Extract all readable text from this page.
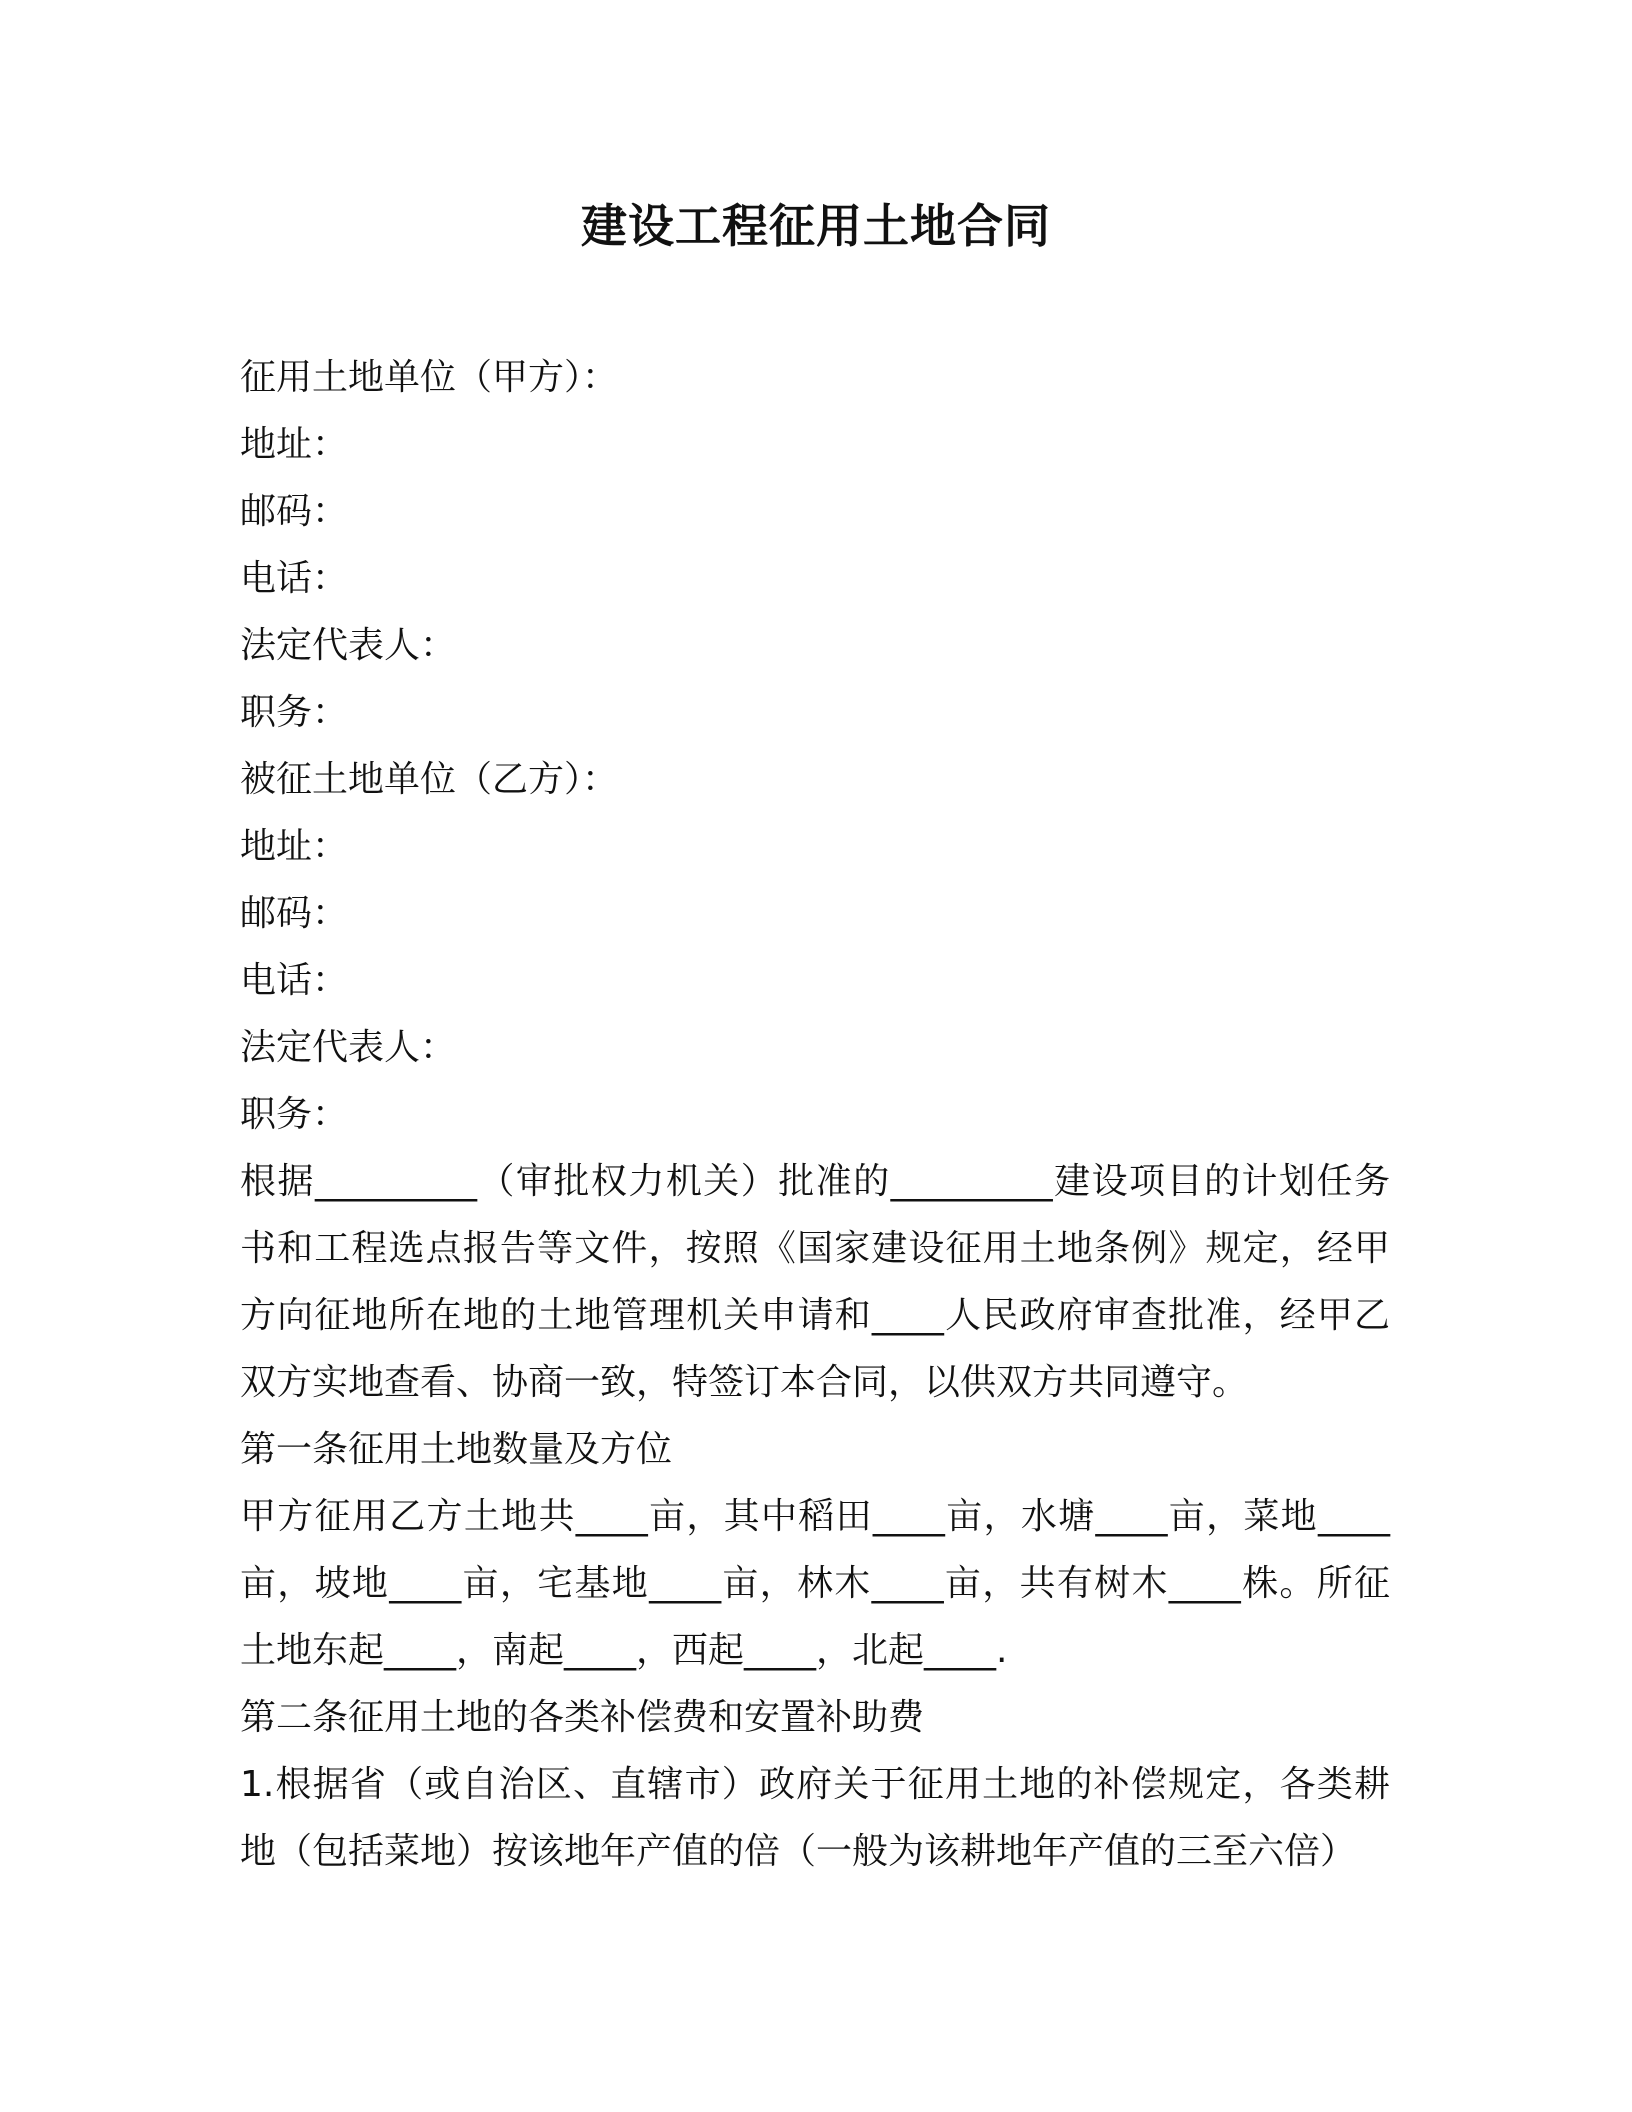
建设工程征用土地合同
征用土地单位（甲方）：
地址：
邮码：
电话：
法定代表人：
职务：
被征土地单位（乙方）：
地址：
邮码：
电话：
法定代表人：
职务：
根据_________（审批权力机关）批准的_________建设项目的计划任务书和工程选点报告等文件，按照《国家建设征用土地条例》规定，经甲方向征地所在地的土地管理机关申请和____人民政府审查批准，经甲乙双方实地查看、协商一致，特签订本合同，以供双方共同遵守。
第一条征用土地数量及方位
甲方征用乙方土地共____亩，其中稻田____亩，水塘____亩，菜地____亩，坡地____亩，宅基地____亩，林木____亩，共有树木____株。所征土地东起____，南起____，西起____，北起____.
第二条征用土地的各类补偿费和安置补助费
1.根据省（或自治区、直辖市）政府关于征用土地的补偿规定，各类耕地（包括菜地）按该地年产值的倍（一般为该耕地年产值的三至六倍）
